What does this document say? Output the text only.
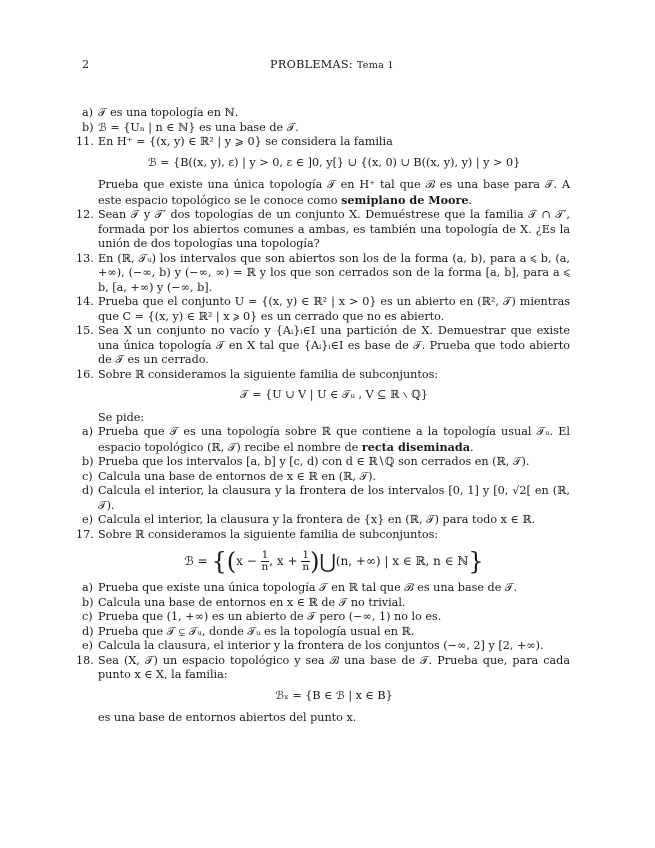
2	PROBLEMAS: Tema 1
a) 𝒯 es una topología en ℕ.
b) ℬ = {Uₙ | n ∈ ℕ} es una base de 𝒯.
11. En H⁺ = {(x, y) ∈ ℝ² | y ⩾ 0} se considera la familia
ℬ = {B((x, y), ε) | y > 0, ε ∈ ]0, y[} ∪ {(x, 0) ∪ B((x, y), y) | y > 0}
Prueba que existe una única topología 𝒯 en H⁺ tal que ℬ es una base para 𝒯. A este espacio topológico se le conoce como semiplano de Moore.
12. Sean 𝒯 y 𝒯′ dos topologías de un conjunto X. Demuéstrese que la familia 𝒯 ∩ 𝒯′, formada por los abiertos comunes a ambas, es también una topología de X. ¿Es la unión de dos topologías una topología?
13. En (ℝ, 𝒯ᵤ) los intervalos que son abiertos son los de la forma (a, b), para a ⩽ b, (a, +∞), (−∞, b) y (−∞, ∞) = ℝ y los que son cerrados son de la forma [a, b], para a ⩽ b, [a, +∞) y (−∞, b].
14. Prueba que el conjunto U = {(x, y) ∈ ℝ² | x > 0} es un abierto en (ℝ², 𝒯) mientras que C = {(x, y) ∈ ℝ² | x ⩾ 0} es un cerrado que no es abierto.
15. Sea X un conjunto no vacío y {Aᵢ}ᵢ∈I una partición de X. Demuestrar que existe una única topología 𝒯 en X tal que {Aᵢ}ᵢ∈I es base de 𝒯. Prueba que todo abierto de 𝒯 es un cerrado.
16. Sobre ℝ consideramos la siguiente familia de subconjuntos:
𝒯 = {U ∪ V | U ∈ 𝒯ᵤ , V ⊆ ℝ ∖ ℚ}
Se pide:
a) Prueba que 𝒯 es una topología sobre ℝ que contiene a la topología usual 𝒯ᵤ. El espacio topológico (ℝ, 𝒯) recibe el nombre de recta diseminada.
b) Prueba que los intervalos [a, b] y [c, d) con d ∈ ℝ∖ℚ son cerrados en (ℝ, 𝒯).
c) Calcula una base de entornos de x ∈ ℝ en (ℝ, 𝒯).
d) Calcula el interior, la clausura y la frontera de los intervalos [0, 1] y [0, √2[ en (ℝ, 𝒯).
e) Calcula el interior, la clausura y la frontera de {x} en (ℝ, 𝒯) para todo x ∈ ℝ.
17. Sobre ℝ consideramos la siguiente familia de subconjuntos:
ℬ = {($x - \frac{1}{n}$ , $x + \frac{1}{n}$ )⋃(n, +∞) | x ∈ ℝ, n ∈ ℕ}
a) Prueba que existe una única topología 𝒯 en ℝ tal que ℬ es una base de 𝒯.
b) Calcula una base de entornos en x ∈ ℝ de 𝒯 no trivial.
c) Prueba que (1, +∞) es un abierto de 𝒯 pero (−∞, 1) no lo es.
d) Prueba que 𝒯 ⊊ 𝒯ᵤ, donde 𝒯ᵤ es la topología usual en ℝ.
e) Calcula la clausura, el interior y la frontera de los conjuntos (−∞, 2] y [2, +∞).
18. Sea (X, 𝒯) un espacio topológico y sea ℬ una base de 𝒯. Prueba que, para cada punto x ∈ X, la familia:
ℬₓ = {B ∈ ℬ | x ∈ B}
es una base de entornos abiertos del punto x.
